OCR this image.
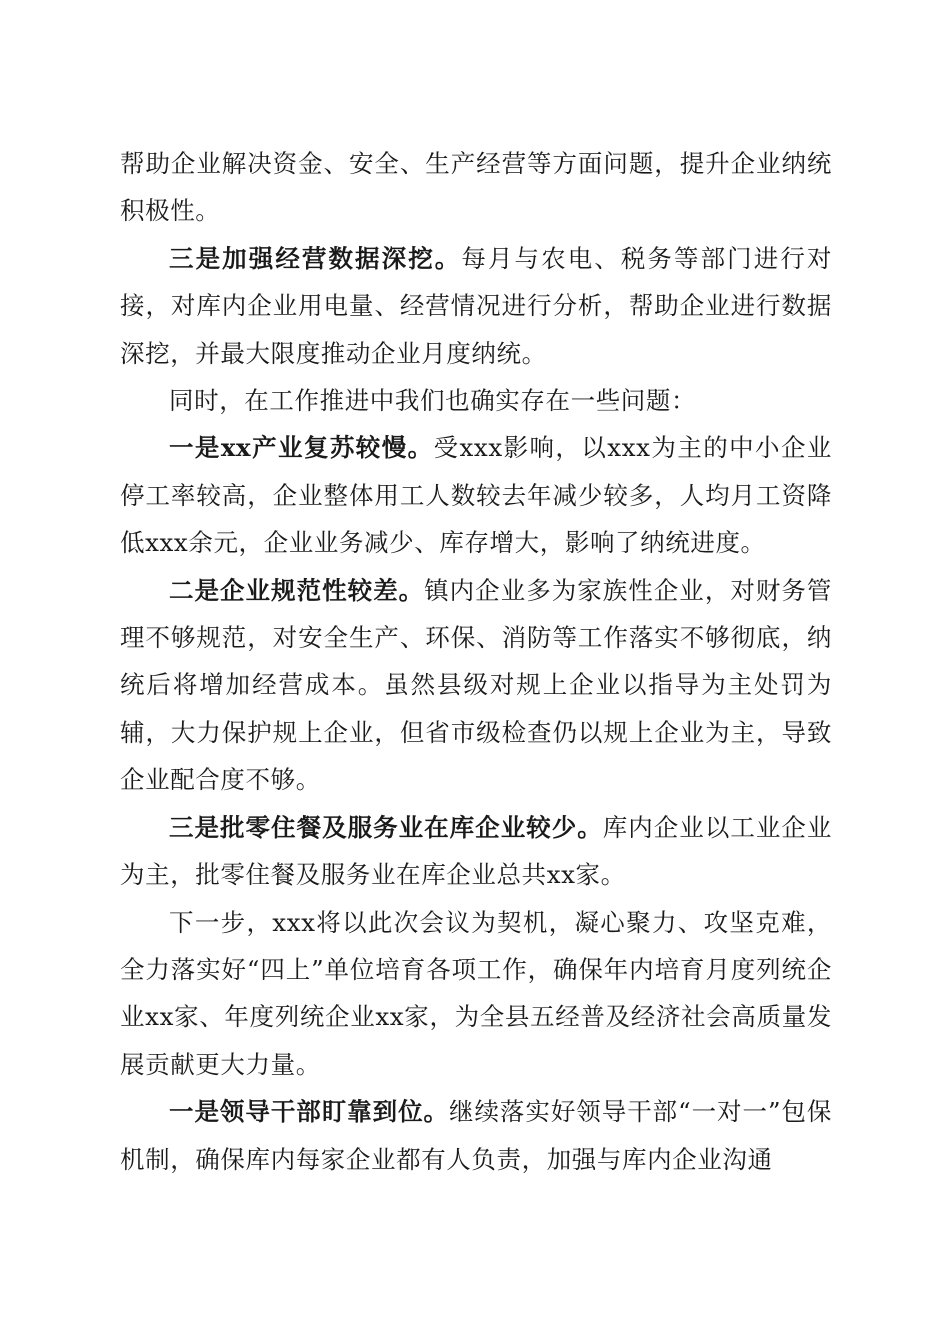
帮助企业解决资金、安全、生产经营等方面问题，提升企业纳统积极性。

三是加强经营数据深挖。每月与农电、税务等部门进行对接，对库内企业用电量、经营情况进行分析，帮助企业进行数据深挖，并最大限度推动企业月度纳统。

同时，在工作推进中我们也确实存在一些问题：

一是xx产业复苏较慢。受xxx影响，以xxx为主的中小企业停工率较高，企业整体用工人数较去年减少较多，人均月工资降低xxx余元，企业业务减少、库存增大，影响了纳统进度。

二是企业规范性较差。镇内企业多为家族性企业，对财务管理不够规范，对安全生产、环保、消防等工作落实不够彻底，纳统后将增加经营成本。虽然县级对规上企业以指导为主处罚为辅，大力保护规上企业，但省市级检查仍以规上企业为主，导致企业配合度不够。

三是批零住餐及服务业在库企业较少。库内企业以工业企业为主，批零住餐及服务业在库企业总共xx家。

下一步，xxx将以此次会议为契机，凝心聚力、攻坚克难，全力落实好“四上”单位培育各项工作，确保年内培育月度列统企业xx家、年度列统企业xx家，为全县五经普及经济社会高质量发展贡献更大力量。

一是领导干部盯靠到位。继续落实好领导干部“一对一”包保机制，确保库内每家企业都有人负责，加强与库内企业沟通
